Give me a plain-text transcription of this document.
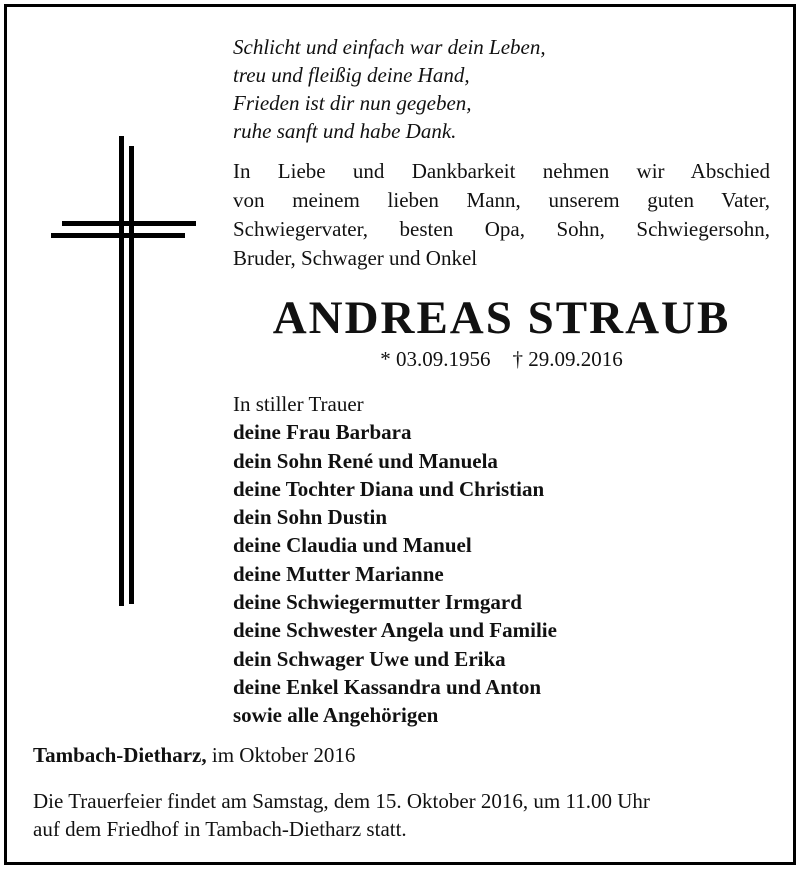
Schlicht und einfach war dein Leben,
treu und fleißig deine Hand,
Frieden ist dir nun gegeben,
ruhe sanft und habe Dank.
In Liebe und Dankbarkeit nehmen wir Abschied
von meinem lieben Mann, unserem guten Vater,
Schwiegervater, besten Opa, Sohn, Schwiegersohn,
Bruder, Schwager und Onkel
ANDREAS STRAUB
* 03.09.1956 † 29.09.2016
In stiller Trauer
deine Frau Barbara
dein Sohn René und Manuela
deine Tochter Diana und Christian
dein Sohn Dustin
deine Claudia und Manuel
deine Mutter Marianne
deine Schwiegermutter Irmgard
deine Schwester Angela und Familie
dein Schwager Uwe und Erika
deine Enkel Kassandra und Anton
sowie alle Angehörigen
Tambach-Dietharz, im Oktober 2016
Die Trauerfeier findet am Samstag, dem 15. Oktober 2016, um 11.00 Uhr
auf dem Friedhof in Tambach-Dietharz statt.
